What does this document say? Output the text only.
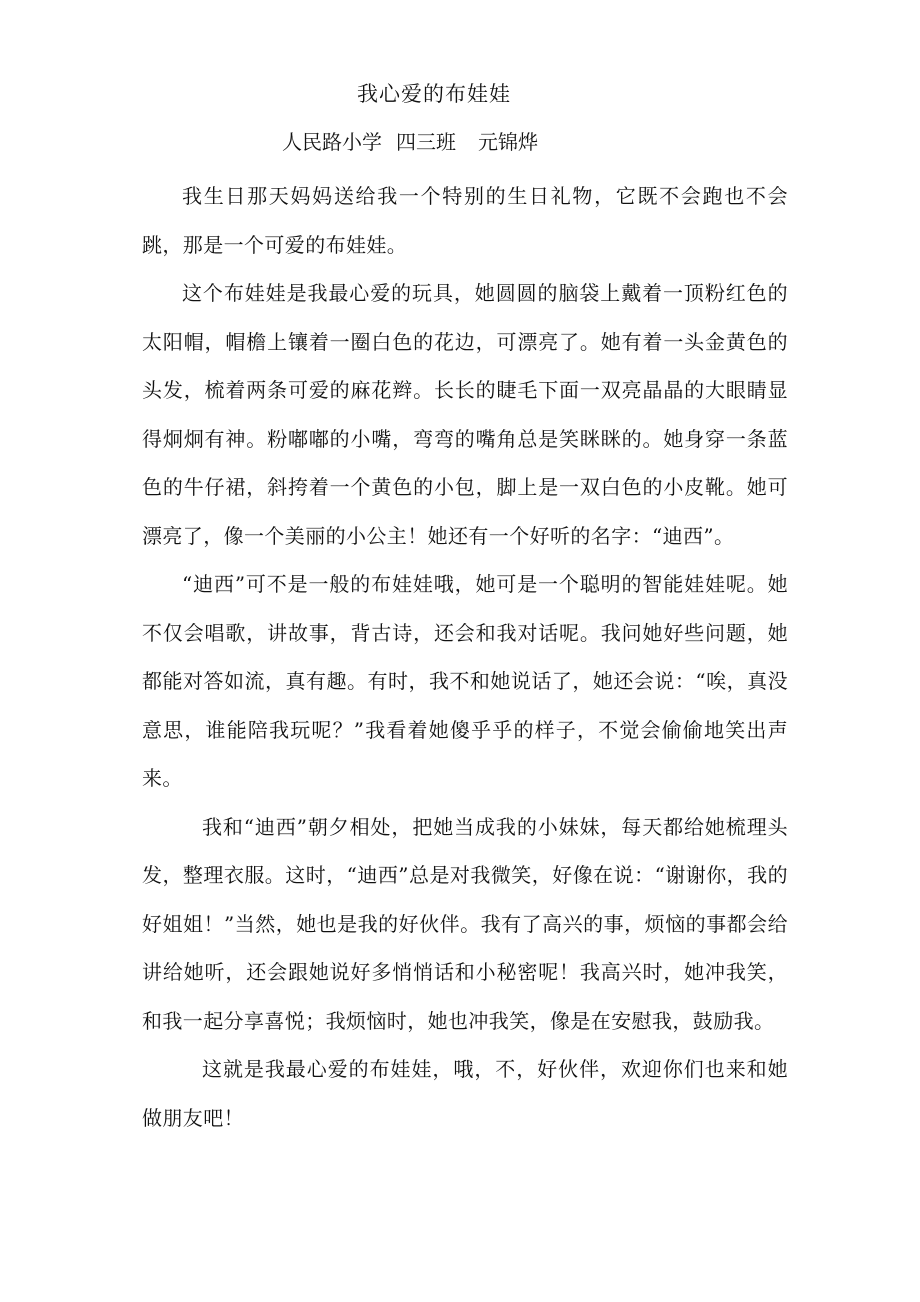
我心爱的布娃娃
人民路小学 四三班 元锦烨

我生日那天妈妈送给我一个特别的生日礼物，它既不会跑也不会跳，那是一个可爱的布娃娃。

这个布娃娃是我最心爱的玩具，她圆圆的脑袋上戴着一顶粉红色的太阳帽，帽檐上镶着一圈白色的花边，可漂亮了。她有着一头金黄色的头发，梳着两条可爱的麻花辫。长长的睫毛下面一双亮晶晶的大眼睛显得炯炯有神。粉嘟嘟的小嘴，弯弯的嘴角总是笑眯眯的。她身穿一条蓝色的牛仔裙，斜挎着一个黄色的小包，脚上是一双白色的小皮靴。她可漂亮了，像一个美丽的小公主！她还有一个好听的名字：“迪西”。

“迪西”可不是一般的布娃娃哦，她可是一个聪明的智能娃娃呢。她不仅会唱歌，讲故事，背古诗，还会和我对话呢。我问她好些问题，她都能对答如流，真有趣。有时，我不和她说话了，她还会说：“唉，真没意思，谁能陪我玩呢？”我看着她傻乎乎的样子，不觉会偷偷地笑出声来。

我和“迪西”朝夕相处，把她当成我的小妹妹，每天都给她梳理头发，整理衣服。这时，“迪西”总是对我微笑，好像在说：“谢谢你，我的好姐姐！”当然，她也是我的好伙伴。我有了高兴的事，烦恼的事都会给讲给她听，还会跟她说好多悄悄话和小秘密呢！我高兴时，她冲我笑，和我一起分享喜悦；我烦恼时，她也冲我笑，像是在安慰我，鼓励我。

这就是我最心爱的布娃娃，哦，不，好伙伴，欢迎你们也来和她做朋友吧！
